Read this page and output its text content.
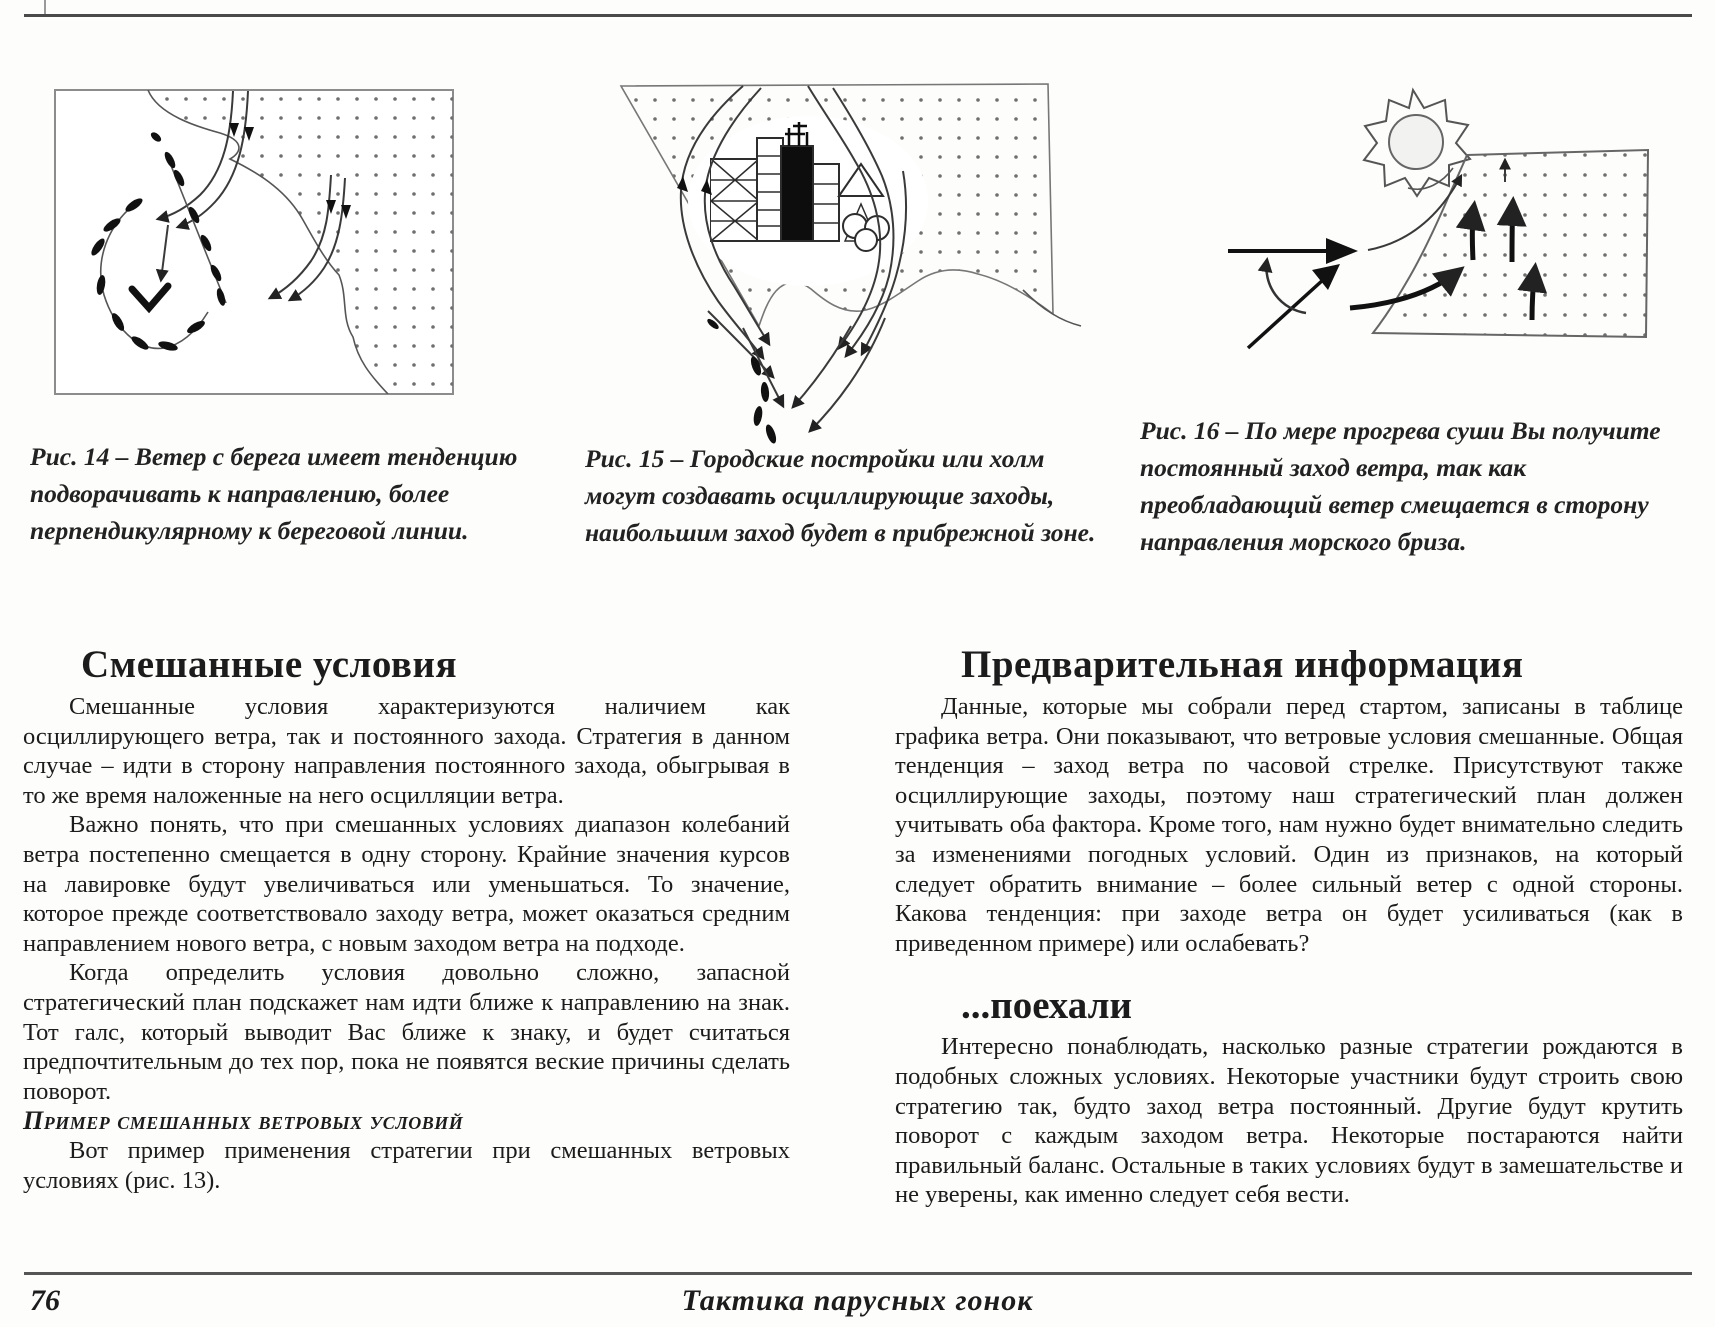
Рис. 14 – Ветер с берега имеет тенденцию подворачивать к направлению, более перпендикулярному к береговой линии.
Рис. 15 – Городские постройки или холм могут создавать осциллирующие заходы, наибольшим заход будет в прибрежной зоне.
Рис. 16 – По мере прогрева суши Вы получите постоянный заход ветра, так как преобладающий ветер смещается в сторону направления морского бриза.
Смешанные условия

Смешанные условия характеризуются наличием как осциллирующего ветра, так и постоянного захода. Стратегия в данном случае – идти в сторону направления постоянного захода, обыгрывая в то же время наложенные на него осцилляции ветра.

Важно понять, что при смешанных условиях диапазон колебаний ветра постепенно смещается в одну сторону. Крайние значения курсов на лавировке будут увеличиваться или уменьшаться. То значение, которое прежде соответствовало заходу ветра, может оказаться средним направлением нового ветра, с новым заходом ветра на подходе.

Когда определить условия довольно сложно, запасной стратегический план подскажет нам идти ближе к направлению на знак. Тот галс, который выводит Вас ближе к знаку, и будет считаться предпочтительным до тех пор, пока не появятся веские причины сделать поворот.

Пример смешанных ветровых условий

Вот пример применения стратегии при смешанных ветровых условиях (рис. 13).

Предварительная информация

Данные, которые мы собрали перед стартом, записаны в таблице графика ветра. Они показывают, что ветровые условия смешанные. Общая тенденция – заход ветра по часовой стрелке. Присутствуют также осциллирующие заходы, поэтому наш стратегический план должен учитывать оба фактора. Кроме того, нам нужно будет внимательно следить за изменениями погодных условий. Один из признаков, на который следует обратить внимание – более сильный ветер с одной стороны. Какова тенденция: при заходе ветра он будет усиливаться (как в приведенном примере) или ослабевать?

...поехали

Интересно понаблюдать, насколько разные стратегии рождаются в подобных сложных условиях. Некоторые участники будут строить свою стратегию так, будто заход ветра постоянный. Другие будут крутить поворот с каждым заходом ветра. Некоторые постараются найти правильный баланс. Остальные в таких условиях будут в замешательстве и не уверены, как именно следует себя вести.

76	Тактика парусных гонок
